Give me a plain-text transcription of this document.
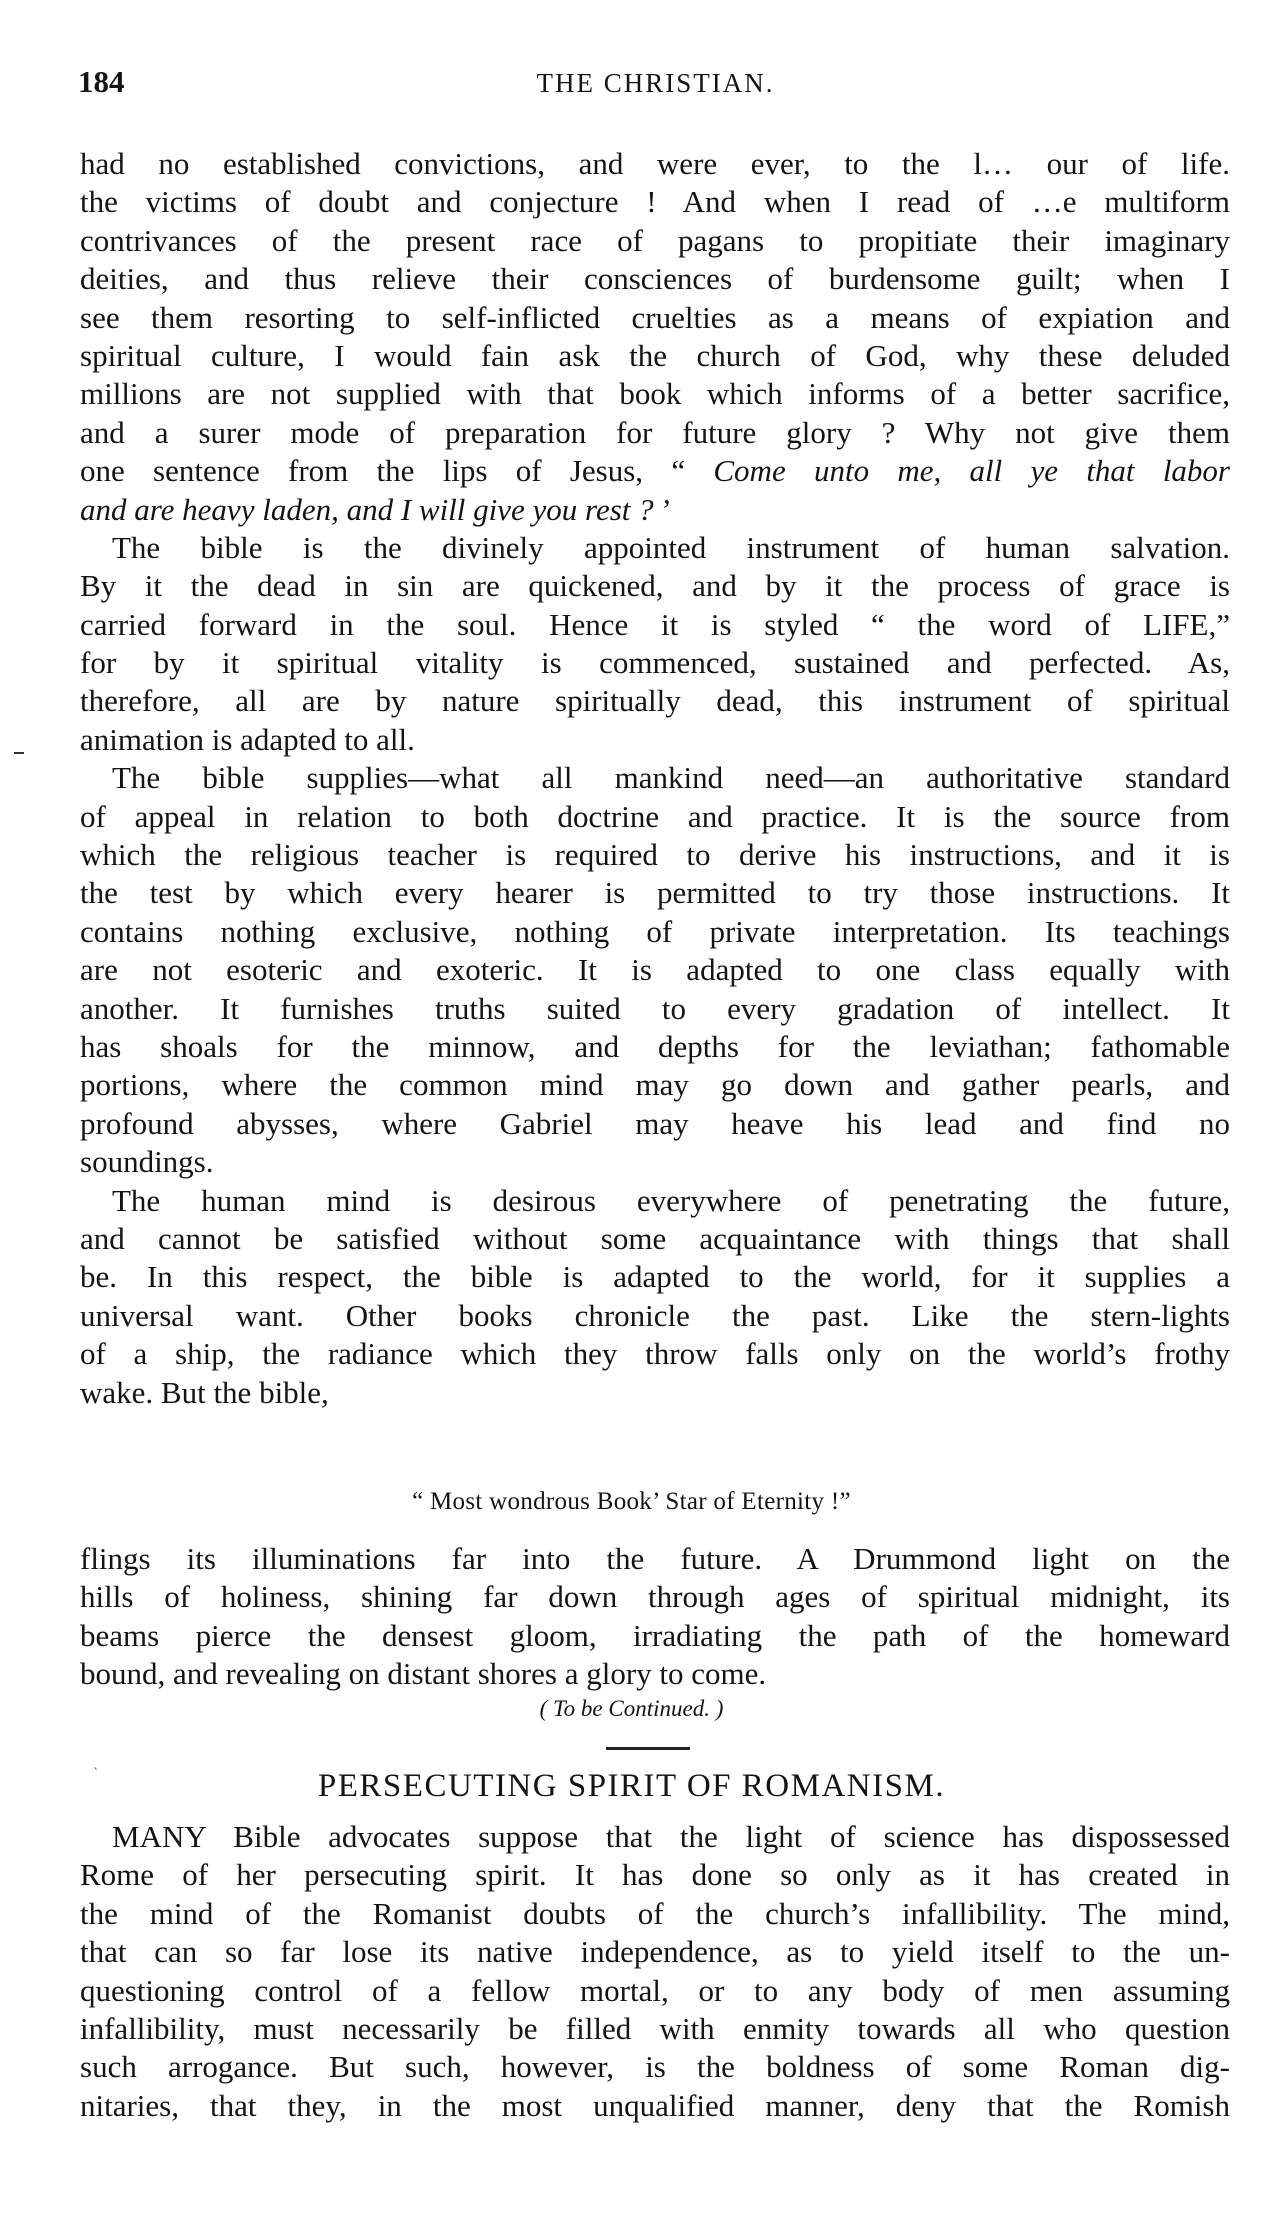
184	THE CHRISTIAN.
had no established convictions, and were ever, to the l… our of life.
the victims of doubt and conjecture ! And when I read of …e multiform
contrivances of the present race of pagans to propitiate their imaginary
deities, and thus relieve their consciences of burdensome guilt; when I
see them resorting to self-inflicted cruelties as a means of expiation and
spiritual culture, I would fain ask the church of God, why these deluded
millions are not supplied with that book which informs of a better sacrifice,
and a surer mode of preparation for future glory ? Why not give them
one sentence from the lips of Jesus, “ Come unto me, all ye that labor
and are heavy laden, and I will give you rest ? ’
The bible is the divinely appointed instrument of human salvation.
By it the dead in sin are quickened, and by it the process of grace is
carried forward in the soul. Hence it is styled “ the word of LIFE,”
for by it spiritual vitality is commenced, sustained and perfected. As,
therefore, all are by nature spiritually dead, this instrument of spiritual
animation is adapted to all.
The bible supplies—what all mankind need—an authoritative standard
of appeal in relation to both doctrine and practice. It is the source from
which the religious teacher is required to derive his instructions, and it is
the test by which every hearer is permitted to try those instructions. It
contains nothing exclusive, nothing of private interpretation. Its teachings
are not esoteric and exoteric. It is adapted to one class equally with
another. It furnishes truths suited to every gradation of intellect. It
has shoals for the minnow, and depths for the leviathan; fathomable
portions, where the common mind may go down and gather pearls, and
profound abysses, where Gabriel may heave his lead and find no
soundings.
The human mind is desirous everywhere of penetrating the future,
and cannot be satisfied without some acquaintance with things that shall
be. In this respect, the bible is adapted to the world, for it supplies a
universal want. Other books chronicle the past. Like the stern-lights
of a ship, the radiance which they throw falls only on the world’s frothy
wake. But the bible,
“ Most wondrous Book’ Star of Eternity !”
flings its illuminations far into the future. A Drummond light on the
hills of holiness, shining far down through ages of spiritual midnight, its
beams pierce the densest gloom, irradiating the path of the homeward
bound, and revealing on distant shores a glory to come.
( To be Continued. )
‵	PERSECUTING SPIRIT OF ROMANISM.
MANY Bible advocates suppose that the light of science has dispossessed
Rome of her persecuting spirit. It has done so only as it has created in
the mind of the Romanist doubts of the church’s infallibility. The mind,
that can so far lose its native independence, as to yield itself to the un-
questioning control of a fellow mortal, or to any body of men assuming
infallibility, must necessarily be filled with enmity towards all who question
such arrogance. But such, however, is the boldness of some Roman dig-
nitaries, that they, in the most unqualified manner, deny that the Romish
